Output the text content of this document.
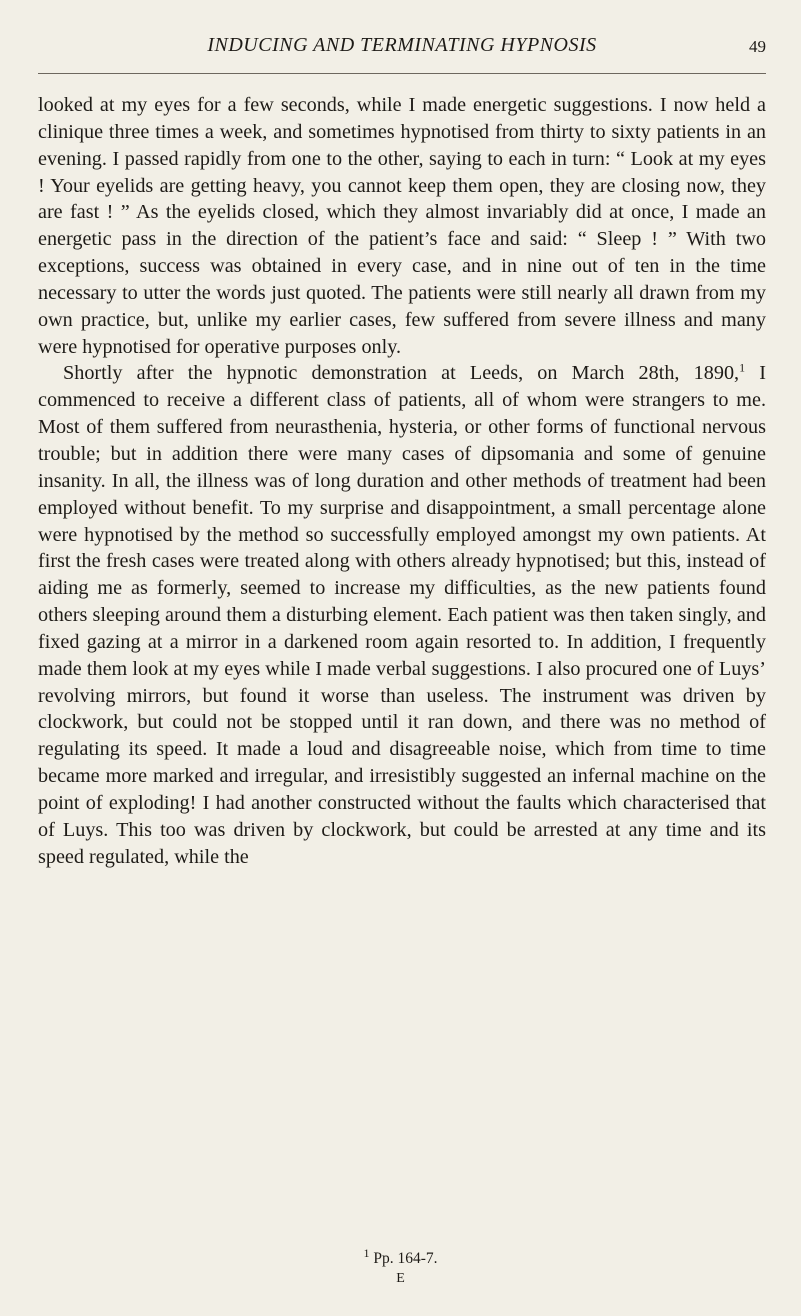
INDUCING AND TERMINATING HYPNOSIS	49

looked at my eyes for a few seconds, while I made energetic suggestions. I now held a clinique three times a week, and sometimes hypnotised from thirty to sixty patients in an evening. I passed rapidly from one to the other, saying to each in turn: “ Look at my eyes ! Your eyelids are getting heavy, you cannot keep them open, they are closing now, they are fast ! ” As the eyelids closed, which they almost invariably did at once, I made an energetic pass in the direction of the patient’s face and said: “ Sleep ! ” With two exceptions, success was obtained in every case, and in nine out of ten in the time necessary to utter the words just quoted. The patients were still nearly all drawn from my own practice, but, unlike my earlier cases, few suffered from severe illness and many were hypnotised for operative purposes only.

Shortly after the hypnotic demonstration at Leeds, on March 28th, 1890,$^1$ I commenced to receive a different class of patients, all of whom were strangers to me. Most of them suffered from neurasthenia, hysteria, or other forms of functional nervous trouble; but in addition there were many cases of dipsomania and some of genuine insanity. In all, the illness was of long duration and other methods of treatment had been employed without benefit. To my surprise and disappointment, a small percentage alone were hypnotised by the method so successfully employed amongst my own patients. At first the fresh cases were treated along with others already hypnotised; but this, instead of aiding me as formerly, seemed to increase my difficulties, as the new patients found others sleeping around them a disturbing element. Each patient was then taken singly, and fixed gazing at a mirror in a darkened room again resorted to. In addition, I frequently made them look at my eyes while I made verbal suggestions. I also procured one of Luys’ revolving mirrors, but found it worse than useless. The instrument was driven by clockwork, but could not be stopped until it ran down, and there was no method of regulating its speed. It made a loud and disagreeable noise, which from time to time became more marked and irregular, and irresistibly suggested an infernal machine on the point of exploding! I had another constructed without the faults which characterised that of Luys. This too was driven by clockwork, but could be arrested at any time and its speed regulated, while the

$^1$ Pp. 164-7.
E
